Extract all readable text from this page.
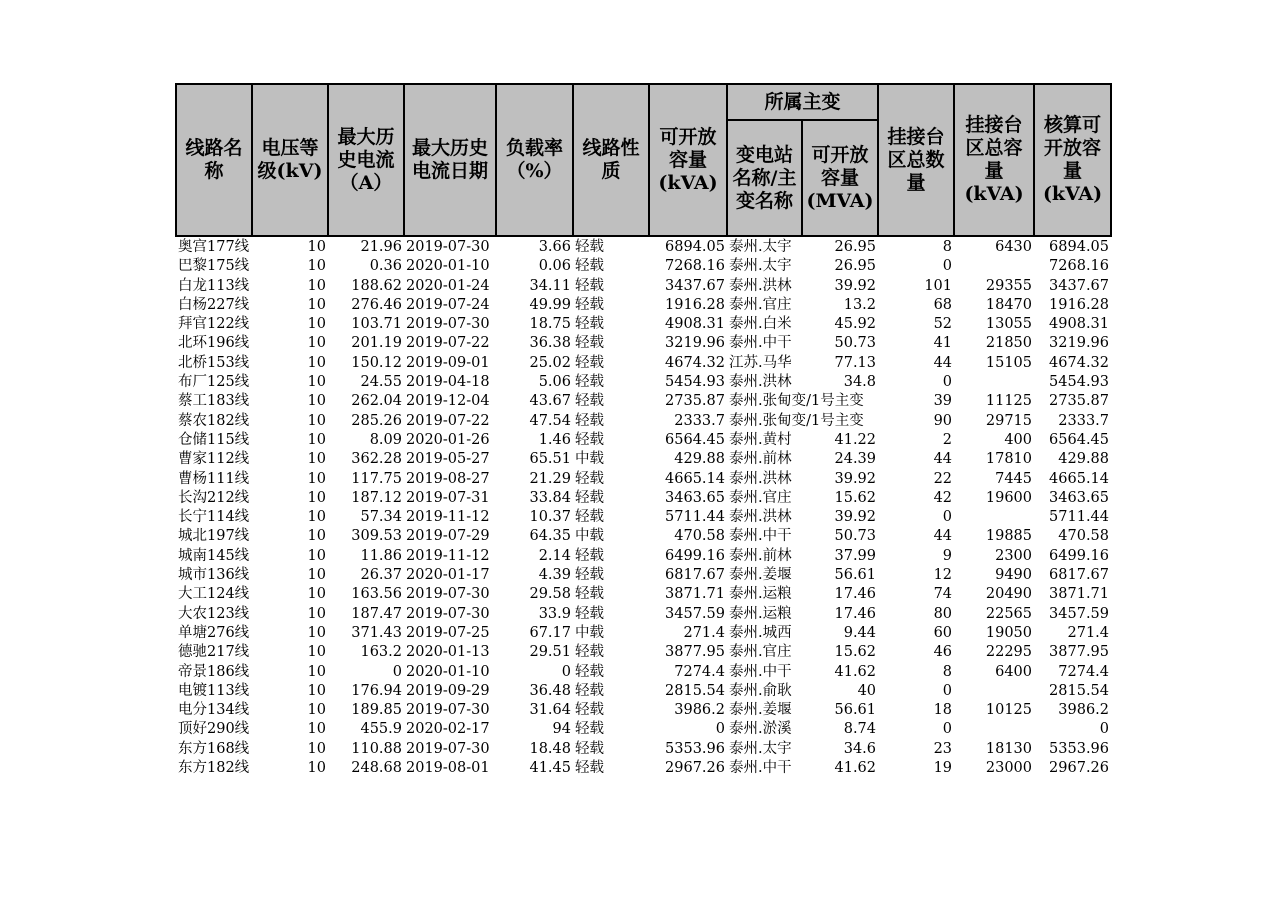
线路名称	电压等级(kV)	最大历史电流（A）	最大历史电流日期	负载率（%）	线路性质	可开放容量(kVA)	所属主变		挂接台区总数量	挂接台区总容量(kVA)	核算可开放容量(kVA)
							变电站名称/主变名称	可开放容量(MVA)			
奥宫177线	10	21.96	2019-07-30	3.66	轻载	6894.05	泰州.太宇	26.95	8	6430	6894.05
巴黎175线	10	0.36	2020-01-10	0.06	轻载	7268.16	泰州.太宇	26.95	0		7268.16
白龙113线	10	188.62	2020-01-24	34.11	轻载	3437.67	泰州.洪林	39.92	101	29355	3437.67
白杨227线	10	276.46	2019-07-24	49.99	轻载	1916.28	泰州.官庄	13.2	68	18470	1916.28
拜官122线	10	103.71	2019-07-30	18.75	轻载	4908.31	泰州.白米	45.92	52	13055	4908.31
北环196线	10	201.19	2019-07-22	36.38	轻载	3219.96	泰州.中干	50.73	41	21850	3219.96
北桥153线	10	150.12	2019-09-01	25.02	轻载	4674.32	江苏.马华	77.13	44	15105	4674.32
布厂125线	10	24.55	2019-04-18	5.06	轻载	5454.93	泰州.洪林	34.8	0		5454.93
蔡工183线	10	262.04	2019-12-04	43.67	轻载	2735.87	泰州.张甸变/1号主变		39	11125	2735.87
蔡农182线	10	285.26	2019-07-22	47.54	轻载	2333.7	泰州.张甸变/1号主变		90	29715	2333.7
仓储115线	10	8.09	2020-01-26	1.46	轻载	6564.45	泰州.黄村	41.22	2	400	6564.45
曹家112线	10	362.28	2019-05-27	65.51	中载	429.88	泰州.前林	24.39	44	17810	429.88
曹杨111线	10	117.75	2019-08-27	21.29	轻载	4665.14	泰州.洪林	39.92	22	7445	4665.14
长沟212线	10	187.12	2019-07-31	33.84	轻载	3463.65	泰州.官庄	15.62	42	19600	3463.65
长宁114线	10	57.34	2019-11-12	10.37	轻载	5711.44	泰州.洪林	39.92	0		5711.44
城北197线	10	309.53	2019-07-29	64.35	中载	470.58	泰州.中干	50.73	44	19885	470.58
城南145线	10	11.86	2019-11-12	2.14	轻载	6499.16	泰州.前林	37.99	9	2300	6499.16
城市136线	10	26.37	2020-01-17	4.39	轻载	6817.67	泰州.姜堰	56.61	12	9490	6817.67
大工124线	10	163.56	2019-07-30	29.58	轻载	3871.71	泰州.运粮	17.46	74	20490	3871.71
大农123线	10	187.47	2019-07-30	33.9	轻载	3457.59	泰州.运粮	17.46	80	22565	3457.59
单塘276线	10	371.43	2019-07-25	67.17	中载	271.4	泰州.城西	9.44	60	19050	271.4
德驰217线	10	163.2	2020-01-13	29.51	轻载	3877.95	泰州.官庄	15.62	46	22295	3877.95
帝景186线	10	0	2020-01-10	0	轻载	7274.4	泰州.中干	41.62	8	6400	7274.4
电镀113线	10	176.94	2019-09-29	36.48	轻载	2815.54	泰州.俞耿	40	0		2815.54
电分134线	10	189.85	2019-07-30	31.64	轻载	3986.2	泰州.姜堰	56.61	18	10125	3986.2
顶好290线	10	455.9	2020-02-17	94	轻载	0	泰州.淤溪	8.74	0		0
东方168线	10	110.88	2019-07-30	18.48	轻载	5353.96	泰州.太宇	34.6	23	18130	5353.96
东方182线	10	248.68	2019-08-01	41.45	轻载	2967.26	泰州.中干	41.62	19	23000	2967.26
